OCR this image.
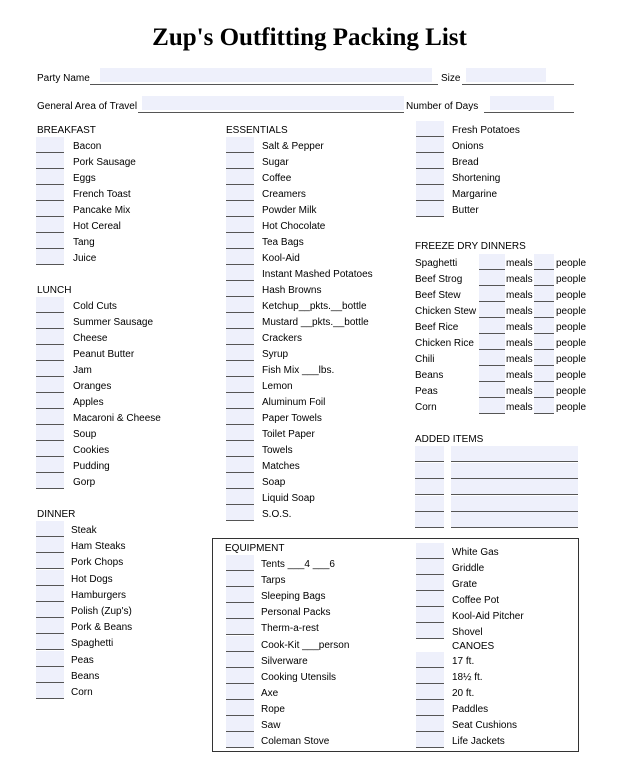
Zup's Outfitting Packing List
Party Name	Size
General Area of Travel	Number of Days
BREAKFAST
Bacon
Pork Sausage
Eggs
French Toast
Pancake Mix
Hot Cereal
Tang
Juice
LUNCH
Cold Cuts
Summer Sausage
Cheese
Peanut Butter
Jam
Oranges
Apples
Macaroni & Cheese
Soup
Cookies
Pudding
Gorp
DINNER
Steak
Ham Steaks
Pork Chops
Hot Dogs
Hamburgers
Polish (Zup's)
Pork & Beans
Spaghetti
Peas
Beans
Corn
ESSENTIALS
Salt & Pepper
Sugar
Coffee
Creamers
Powder Milk
Hot Chocolate
Tea Bags
Kool-Aid
Instant Mashed Potatoes
Hash Browns
Ketchup__pkts.__bottle
Mustard __pkts.__bottle
Crackers
Syrup
Fish Mix ___lbs.
Lemon
Aluminum Foil
Paper Towels
Toilet Paper
Towels
Matches
Soap
Liquid Soap
S.O.S.
Fresh Potatoes
Onions
Bread
Shortening
Margarine
Butter
FREEZE DRY DINNERS
Spaghetti	meals people
Beef Strog	meals people
Beef Stew	meals people
Chicken Stew	meals people
Beef Rice	meals people
Chicken Rice	meals people
Chili	meals people
Beans	meals people
Peas	meals people
Corn	meals people
ADDED ITEMS
EQUIPMENT
Tents ___4 ___6
Tarps
Sleeping Bags
Personal Packs
Therm-a-rest
Cook-Kit ___person
Silverware
Cooking Utensils
Axe
Rope
Saw
Coleman Stove
White Gas
Griddle
Grate
Coffee Pot
Kool-Aid Pitcher
Shovel
CANOES
17 ft.
18½ ft.
20 ft.
Paddles
Seat Cushions
Life Jackets
